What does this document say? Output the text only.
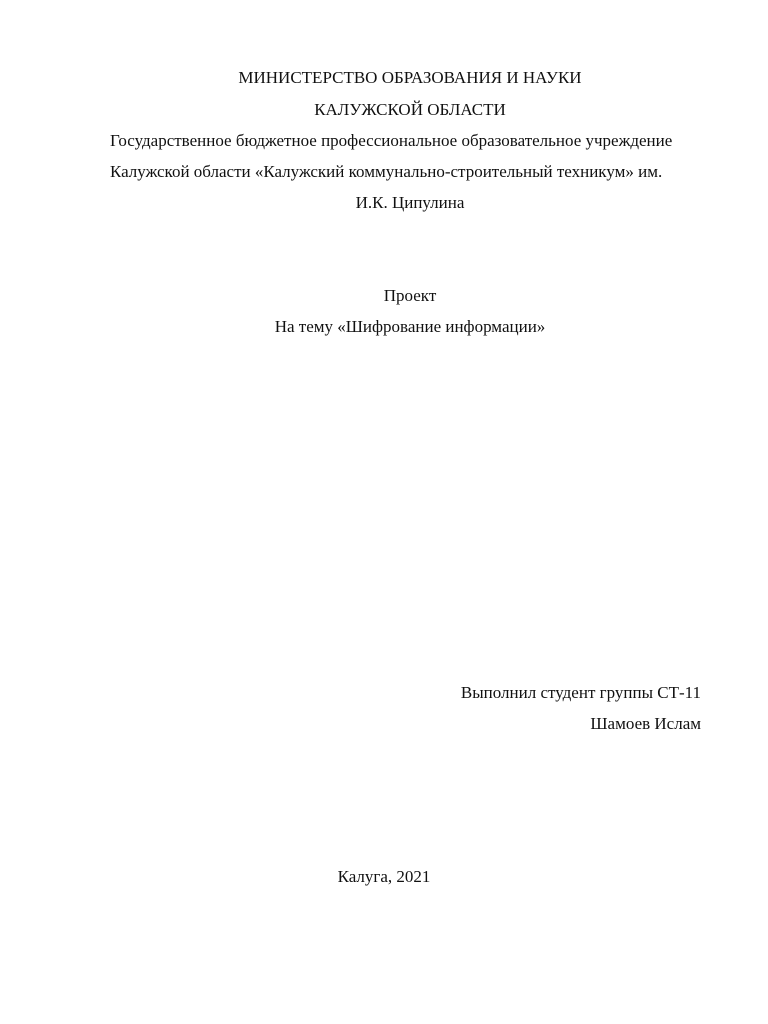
МИНИСТЕРСТВО ОБРАЗОВАНИЯ И НАУКИ
КАЛУЖСКОЙ ОБЛАСТИ
Государственное бюджетное профессиональное образовательное учреждение
Калужской области «Калужский коммунально-строительный техникум» им.
И.К. Ципулина
Проект
На тему «Шифрование информации»
Выполнил студент группы СТ-11
Шамоев Ислам
Калуга, 2021
